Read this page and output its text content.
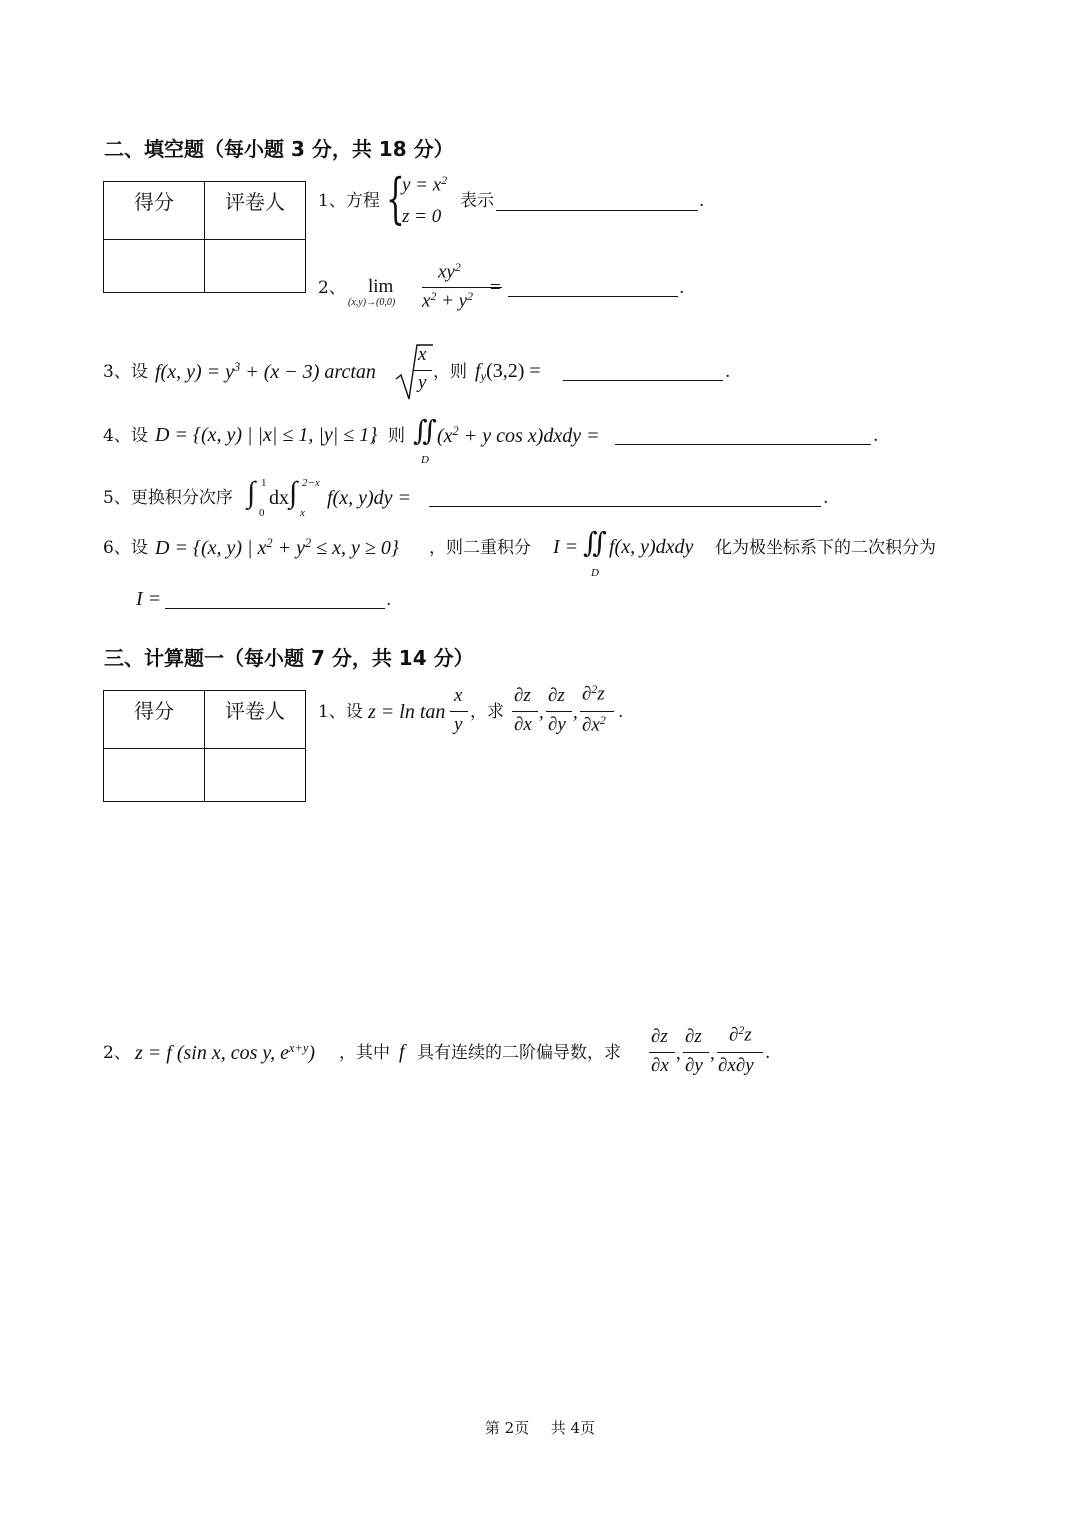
二、填空题（每小题 3 分，共 18 分）
得分	评卷人
	1、方程 {
$y = x^2$
z = 0
表示	.
2、 lim
(x,y)→(0,0)
$xy^2$
$x^2 + y^2$ =	.
3、设 f(x, $y) = y^3 + (x - 3)$ arctan
x
y ，则 $f_y(3,2)$ =	.
4、设 D = {(x, y) | |x| ≤ 1, |y| ≤ 1}
，则 ∬
D
($x^2 + y$ cos x)dxdy =	.
5、更换积分次序 ∫ 1
0
dx ∫ 2−x
x
f(x, y)dy =	.
6、设 D = {(x, y) | $x^2 + y^2 \le x$, y ≥ 0} ，则二重积分 I = ∬
D
f(x, y)dxdy 化为极坐标系下的二次积分为
I =	.
三、计算题一（每小题 7 分，共 14 分）
得分	评卷人
	1、设 z = ln tan
x
y
，求
∂z
∂x
,
∂z
∂y
,
∂$^2$z
$\partial x^2$ .
2、 z = f (sin x, cos y, $e^{x+y}$) ，其中 f 具有连续的二阶偏导数，求
∂z
∂x
,
∂z
∂y
,
∂$^2$z
∂x∂y
.
第 2页 共 4页
